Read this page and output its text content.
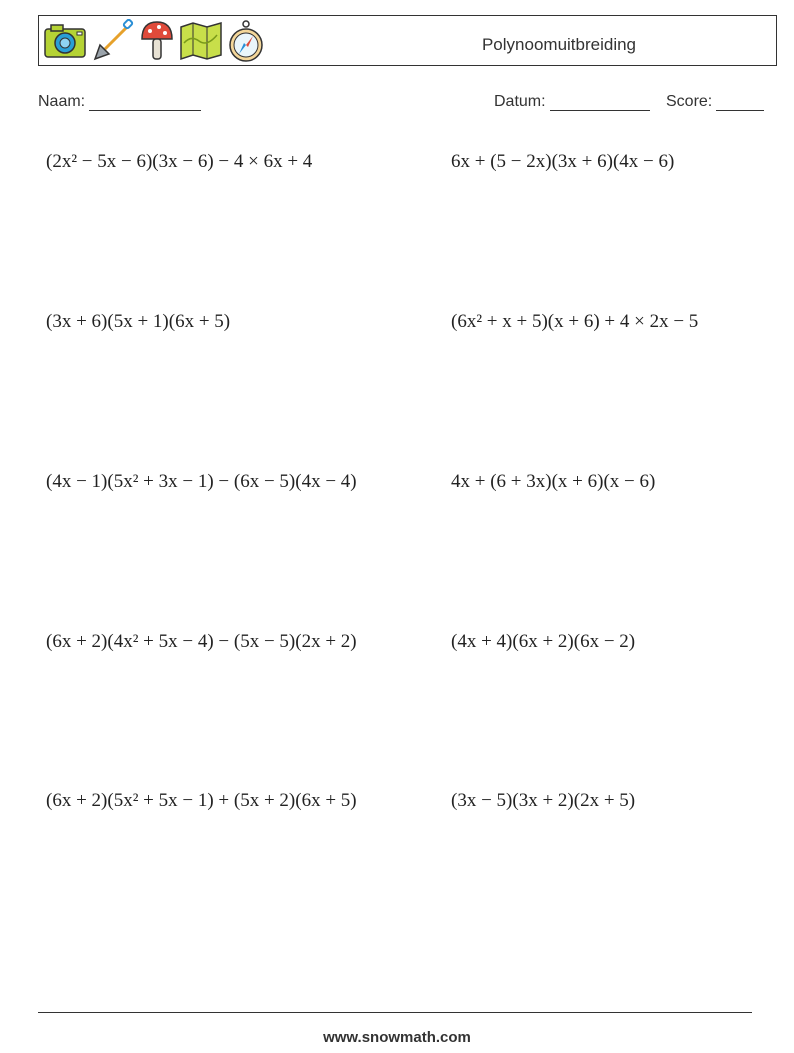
Polynoomuitbreiding
Naam:	Datum:	Score:
(2x² − 5x − 6)(3x − 6) − 4 × 6x + 4	6x + (5 − 2x)(3x + 6)(4x − 6)
(3x + 6)(5x + 1)(6x + 5)	(6x² + x + 5)(x + 6) + 4 × 2x − 5
(4x − 1)(5x² + 3x − 1) − (6x − 5)(4x − 4)	4x + (6 + 3x)(x + 6)(x − 6)
(6x + 2)(4x² + 5x − 4) − (5x − 5)(2x + 2)	(4x + 4)(6x + 2)(6x − 2)
(6x + 2)(5x² + 5x − 1) + (5x + 2)(6x + 5)	(3x − 5)(3x + 2)(2x + 5)
www.snowmath.com
